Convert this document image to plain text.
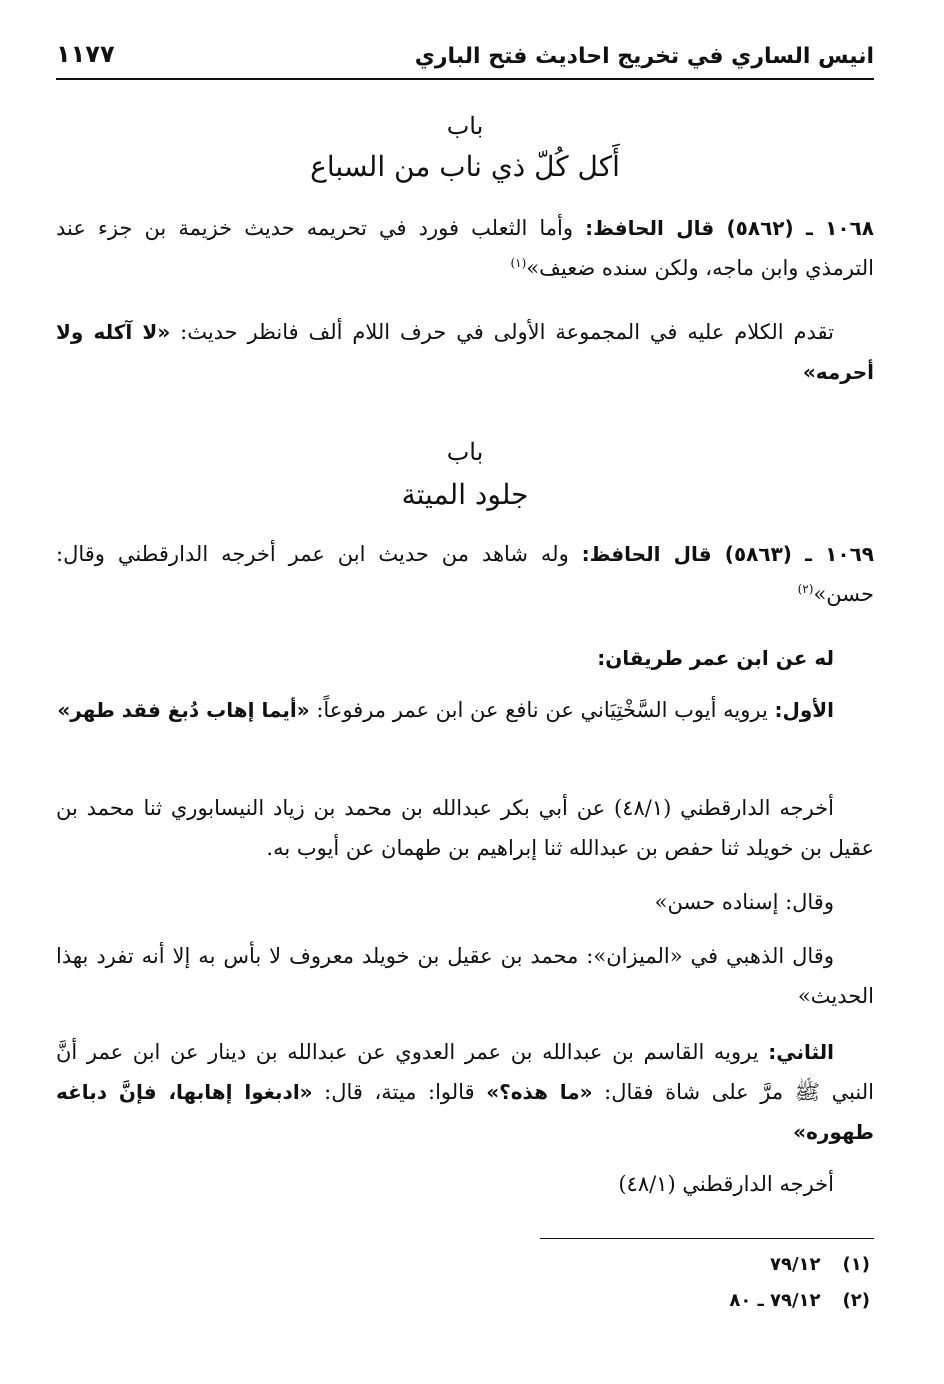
انيس الساري في تخريج احاديث فتح الباري
١١٧٧
باب
أَكل كُلّ ذي ناب من السباع
١٠٦٨ ـ (٥٨٦٢) قال الحافظ: وأما الثعلب فورد في تحريمه حديث خزيمة بن جزء عند الترمذي وابن ماجه، ولكن سنده ضعيف»$^{(١)}$
تقدم الكلام عليه في المجموعة الأولى في حرف اللام ألف فانظر حديث: «لا آكله ولا أحرمه»
باب
جلود الميتة
١٠٦٩ ـ (٥٨٦٣) قال الحافظ: وله شاهد من حديث ابن عمر أخرجه الدارقطني وقال: حسن»$^{(٢)}$
له عن ابن عمر طريقان:
الأول: يرويه أيوب السَّخْتِيَاني عن نافع عن ابن عمر مرفوعاً: «أيما إهاب دُبغ فقد طهر»
أخرجه الدارقطني (٤٨/١) عن أبي بكر عبدالله بن محمد بن زياد النيسابوري ثنا محمد بن عقيل بن خويلد ثنا حفص بن عبدالله ثنا إبراهيم بن طهمان عن أيوب به.
وقال: إسناده حسن»
وقال الذهبي في «الميزان»: محمد بن عقيل بن خويلد معروف لا بأس به إلا أنه تفرد بهذا الحديث»
الثاني: يرويه القاسم بن عبدالله بن عمر العدوي عن عبدالله بن دينار عن ابن عمر أنَّ النبي ﷺ مرَّ على شاة فقال: «ما هذه؟» قالوا: ميتة، قال: «ادبغوا إهابها، فإنَّ دباغه طهوره»
أخرجه الدارقطني (٤٨/١)
(١)٧٩/١٢
(٢)٧٩/١٢ ـ ٨٠
